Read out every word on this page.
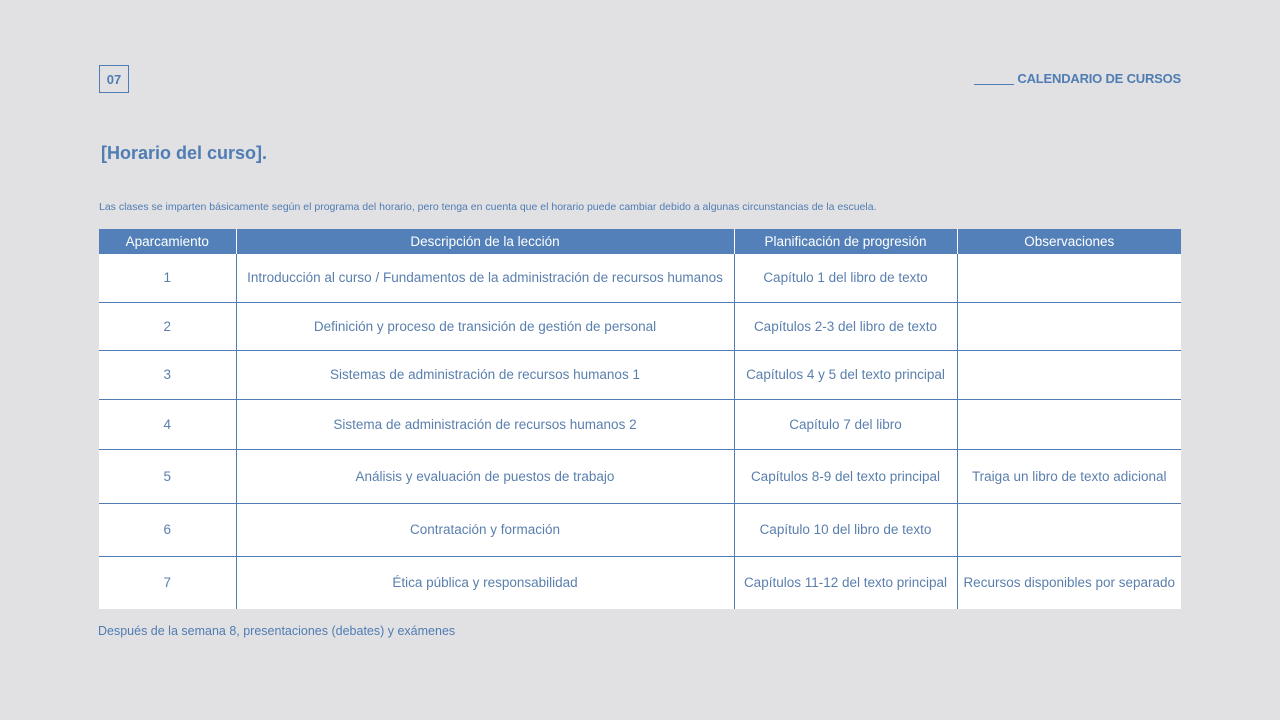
07	CALENDARIO DE CURSOS
[Horario del curso].
Las clases se imparten básicamente según el programa del horario, pero tenga en cuenta que el horario puede cambiar debido a algunas circunstancias de la escuela.
Aparcamiento	Descripción de la lección	Planificación de progresión	Observaciones
1	Introducción al curso / Fundamentos de la administración de recursos humanos	Capítulo 1 del libro de texto	
2	Definición y proceso de transición de gestión de personal	Capítulos 2-3 del libro de texto	
3	Sistemas de administración de recursos humanos 1	Capítulos 4 y 5 del texto principal	
4	Sistema de administración de recursos humanos 2	Capítulo 7 del libro	
5	Análisis y evaluación de puestos de trabajo	Capítulos 8-9 del texto principal	Traiga un libro de texto adicional
6	Contratación y formación	Capítulo 10 del libro de texto	
7	Ética pública y responsabilidad	Capítulos 11-12 del texto principal	Recursos disponibles por separado
Después de la semana 8, presentaciones (debates) y exámenes
